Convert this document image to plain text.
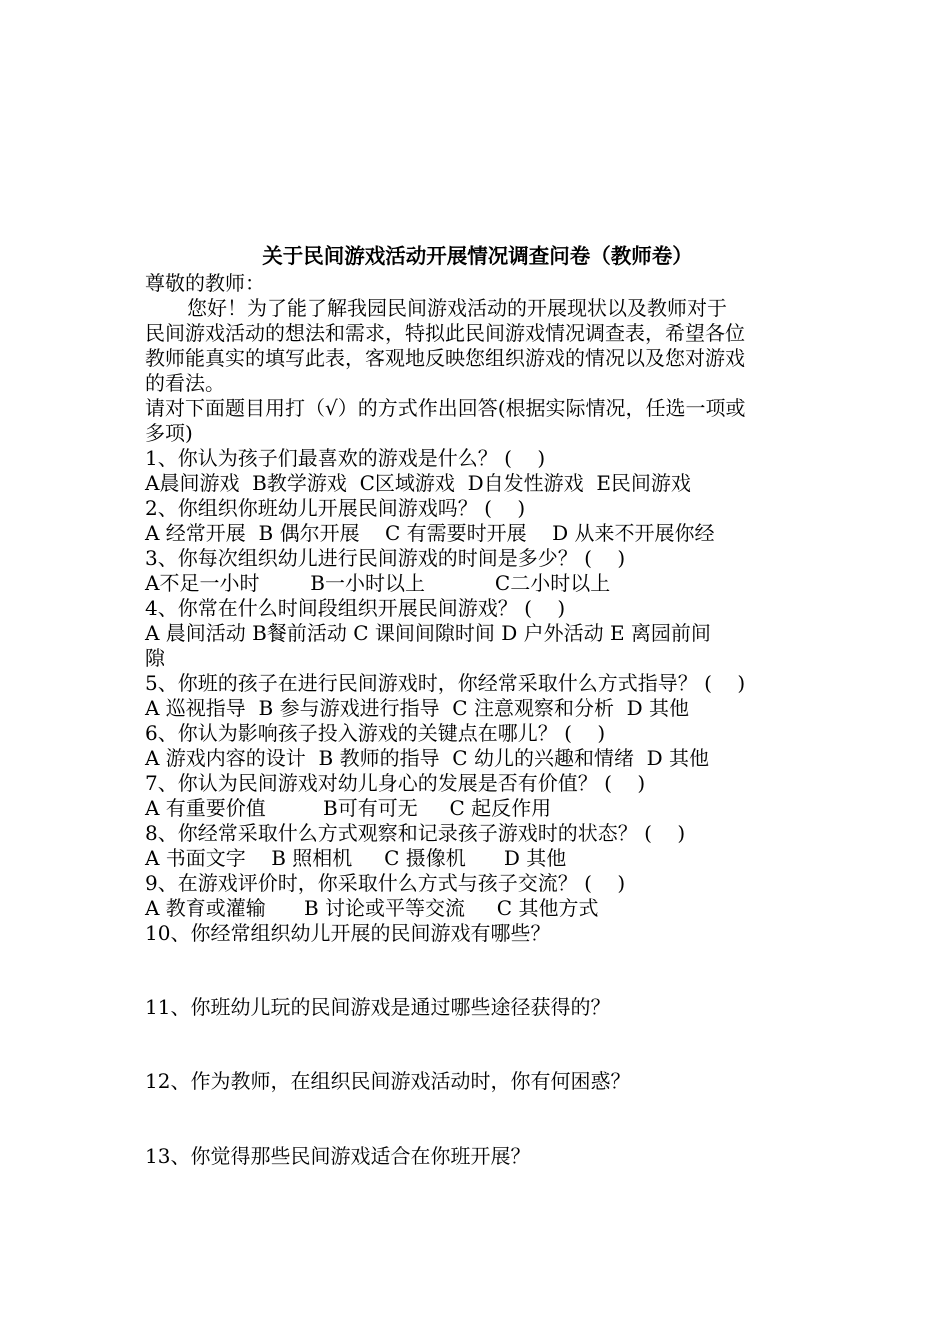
关于民间游戏活动开展情况调查问卷（教师卷）
尊敬的教师：
您好！为了能了解我园民间游戏活动的开展现状以及教师对于
民间游戏活动的想法和需求，特拟此民间游戏情况调查表，希望各位
教师能真实的填写此表，客观地反映您组织游戏的情况以及您对游戏
的看法。
请对下面题目用打（√）的方式作出回答(根据实际情况，任选一项或
多项)
1、你认为孩子们最喜欢的游戏是什么？ (    )
A晨间游戏  B教学游戏  C区域游戏  D自发性游戏  E民间游戏
2、你组织你班幼儿开展民间游戏吗？ (    )
A 经常开展  B 偶尔开展    C 有需要时开展    D 从来不开展你经
3、你每次组织幼儿进行民间游戏的时间是多少？ (    )
A不足一小时        B一小时以上           C二小时以上
4、你常在什么时间段组织开展民间游戏？ (    )
A 晨间活动 B餐前活动 C 课间间隙时间 D 户外活动 E 离园前间
隙
5、你班的孩子在进行民间游戏时，你经常采取什么方式指导？ (    )
A 巡视指导  B 参与游戏进行指导  C 注意观察和分析  D 其他
6、你认为影响孩子投入游戏的关键点在哪儿？ (    )
A 游戏内容的设计  B 教师的指导  C 幼儿的兴趣和情绪  D 其他
7、你认为民间游戏对幼儿身心的发展是否有价值？ (    )
A 有重要价值         B可有可无     C 起反作用
8、你经常采取什么方式观察和记录孩子游戏时的状态？ (    )
A 书面文字    B 照相机     C 摄像机      D 其他
9、在游戏评价时，你采取什么方式与孩子交流？ (    )
A 教育或灌输      B 讨论或平等交流     C 其他方式
10、你经常组织幼儿开展的民间游戏有哪些？
11、你班幼儿玩的民间游戏是通过哪些途径获得的？
12、作为教师，在组织民间游戏活动时，你有何困惑？
13、你觉得那些民间游戏适合在你班开展？
